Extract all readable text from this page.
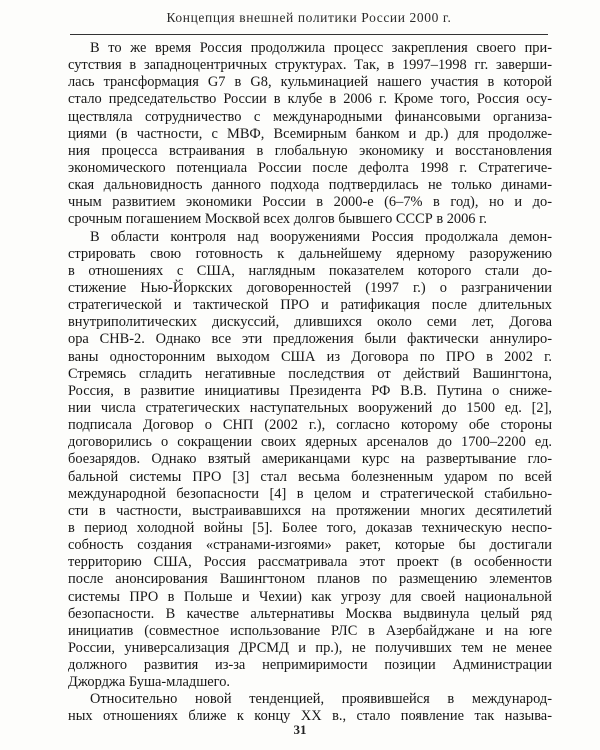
Концепция внешней политики России 2000 г.
В то же время Россия продолжила процесс закрепления своего при-
сутствия в западноцентричных структурах. Так, в 1997–1998 гг. заверши-
лась трансформация G7 в G8, кульминацией нашего участия в которой
стало председательство России в клубе в 2006 г. Кроме того, Россия осу-
ществляла сотрудничество с международными финансовыми организа-
циями (в частности, с МВФ, Всемирным банком и др.) для продолже-
ния процесса встраивания в глобальную экономику и восстановления
экономического потенциала России после дефолта 1998 г. Стратегиче-
ская дальновидность данного подхода подтвердилась не только динами-
чным развитием экономики России в 2000-е (6–7% в год), но и до-
срочным погашением Москвой всех долгов бывшего СССР в 2006 г.
В области контроля над вооружениями Россия продолжала демон-
стрировать свою готовность к дальнейшему ядерному разоружению
в отношениях с США, наглядным показателем которого стали до-
стижение Нью-Йоркских договоренностей (1997 г.) о разграничении
стратегической и тактической ПРО и ратификация после длительных
внутриполитических дискуссий, длившихся около семи лет, Догова
ора СНВ-2. Однако все эти предложения были фактически аннулиро-
ваны односторонним выходом США из Договора по ПРО в 2002 г.
Стремясь сгладить негативные последствия от действий Вашингтона,
Россия, в развитие инициативы Президента РФ В.В. Путина о сниже-
нии числа стратегических наступательных вооружений до 1500 ед. [2],
подписала Договор о СНП (2002 г.), согласно которому обе стороны
договорились о сокращении своих ядерных арсеналов до 1700–2200 ед.
боезарядов. Однако взятый американцами курс на развертывание гло-
бальной системы ПРО [3] стал весьма болезненным ударом по всей
международной безопасности [4] в целом и стратегической стабильно-
сти в частности, выстраивавшихся на протяжении многих десятилетий
в период холодной войны [5]. Более того, доказав техническую неспо-
собность создания «странами-изгоями» ракет, которые бы достигали
территорию США, Россия рассматривала этот проект (в особенности
после анонсирования Вашингтоном планов по размещению элементов
системы ПРО в Польше и Чехии) как угрозу для своей национальной
безопасности. В качестве альтернативы Москва выдвинула целый ряд
инициатив (совместное использование РЛС в Азербайджане и на юге
России, универсализация ДРСМД и пр.), не получивших тем не менее
должного развития из-за непримиримости позиции Администрации
Джорджа Буша-младшего.
Относительно новой тенденцией, проявившейся в международ-
ных отношениях ближе к концу XX в., стало появление так называ-
31
